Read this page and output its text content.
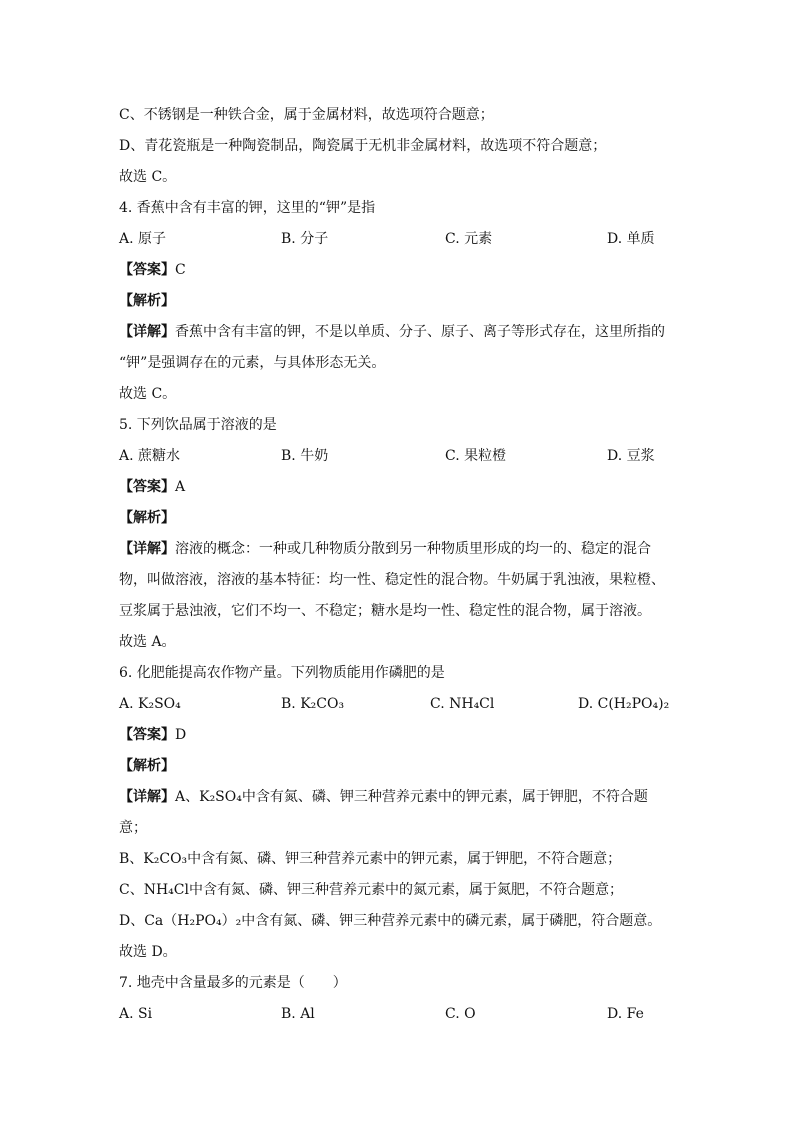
C、不锈钢是一种铁合金，属于金属材料，故选项符合题意；
D、青花瓷瓶是一种陶瓷制品，陶瓷属于无机非金属材料，故选项不符合题意；
故选 C。
4. 香蕉中含有丰富的钾，这里的“钾”是指
A. 原子	B. 分子	C. 元素	D. 单质
【答案】C
【解析】
【详解】香蕉中含有丰富的钾，不是以单质、分子、原子、离子等形式存在，这里所指的
“钾”是强调存在的元素，与具体形态无关。
故选 C。
5. 下列饮品属于溶液的是
A. 蔗糖水	B. 牛奶	C. 果粒橙	D. 豆浆
【答案】A
【解析】
【详解】溶液的概念：一种或几种物质分散到另一种物质里形成的均一的、稳定的混合
物，叫做溶液，溶液的基本特征：均一性、稳定性的混合物。牛奶属于乳浊液，果粒橙、
豆浆属于悬浊液，它们不均一、不稳定；糖水是均一性、稳定性的混合物，属于溶液。
故选 A。
6. 化肥能提高农作物产量。下列物质能用作磷肥的是
A. K₂SO₄	B. K₂CO₃	C. NH₄Cl	D. C(H₂PO₄)₂
【答案】D
【解析】
【详解】A、K₂SO₄中含有氮、磷、钾三种营养元素中的钾元素，属于钾肥，不符合题
意；
B、K₂CO₃中含有氮、磷、钾三种营养元素中的钾元素，属于钾肥，不符合题意；
C、NH₄Cl中含有氮、磷、钾三种营养元素中的氮元素，属于氮肥，不符合题意；
D、Ca（H₂PO₄）₂中含有氮、磷、钾三种营养元素中的磷元素，属于磷肥，符合题意。
故选 D。
7. 地壳中含量最多的元素是（　　）
A. Si	B. Al	C. O	D. Fe
